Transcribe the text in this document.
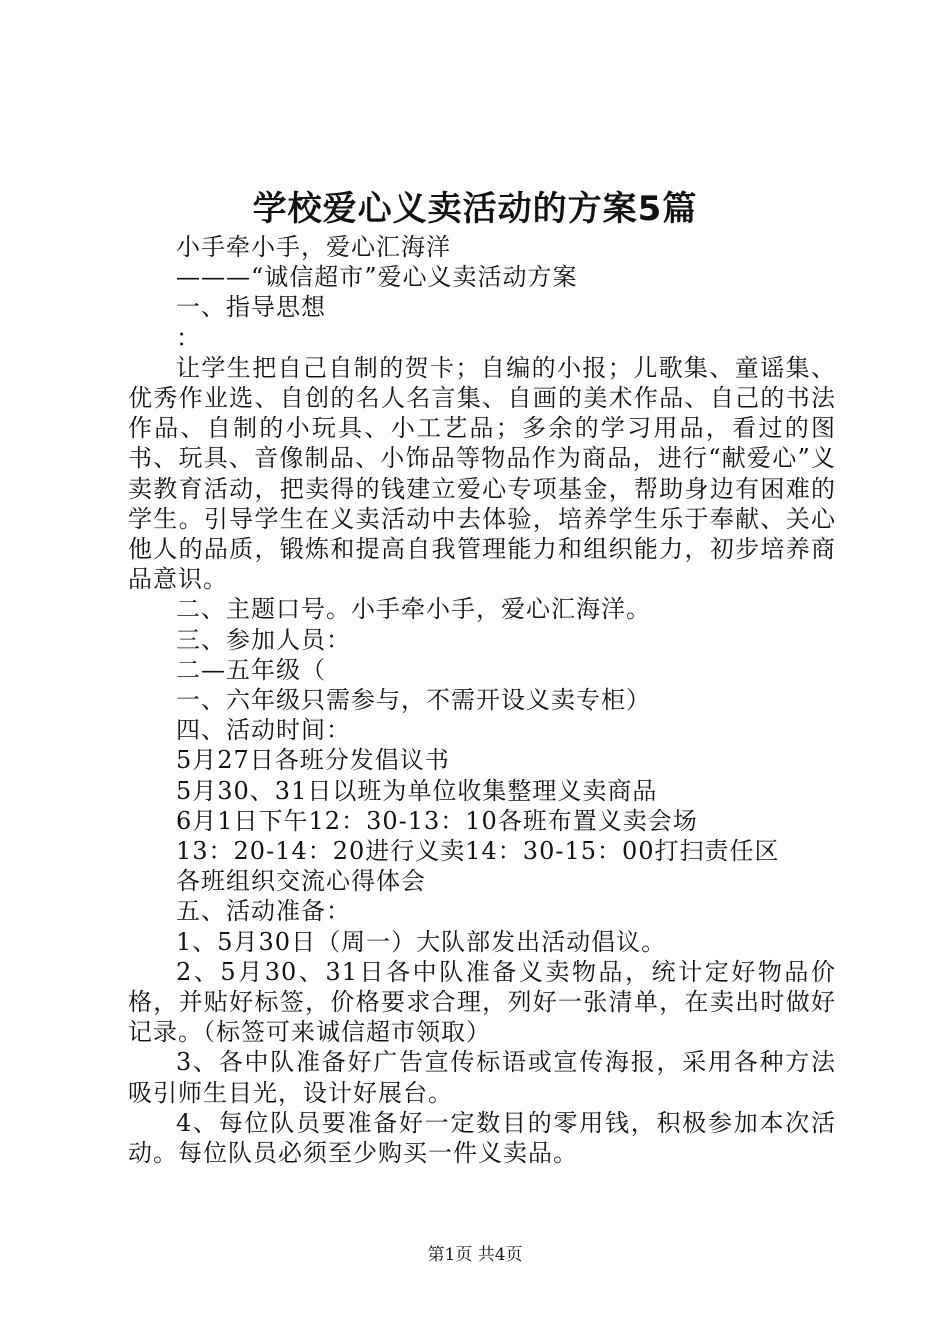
学校爱心义卖活动的方案5篇

小手牵小手，爱心汇海洋

———“诚信超市”爱心义卖活动方案

一、指导思想

：

让学生把自己自制的贺卡；自编的小报；儿歌集、童谣集、优秀作业选、自创的名人名言集、自画的美术作品、自己的书法作品、自制的小玩具、小工艺品；多余的学习用品，看过的图书、玩具、音像制品、小饰品等物品作为商品，进行“献爱心”义卖教育活动，把卖得的钱建立爱心专项基金，帮助身边有困难的学生。引导学生在义卖活动中去体验，培养学生乐于奉献、关心他人的品质，锻炼和提高自我管理能力和组织能力，初步培养商品意识。

二、主题口号。小手牵小手，爱心汇海洋。

三、参加人员：

二—五年级（

一、六年级只需参与，不需开设义卖专柜）

四、活动时间：

5月27日各班分发倡议书

5月30、31日以班为单位收集整理义卖商品

6月1日下午12：30-13：10各班布置义卖会场

13：20-14：20进行义卖14：30-15：00打扫责任区

各班组织交流心得体会

五、活动准备：

1、5月30日（周一）大队部发出活动倡议。

2、5月30、31日各中队准备义卖物品，统计定好物品价格，并贴好标签，价格要求合理，列好一张清单，在卖出时做好记录。（标签可来诚信超市领取）

3、各中队准备好广告宣传标语或宣传海报，采用各种方法吸引师生目光，设计好展台。

4、每位队员要准备好一定数目的零用钱，积极参加本次活动。每位队员必须至少购买一件义卖品。

第1页 共4页
